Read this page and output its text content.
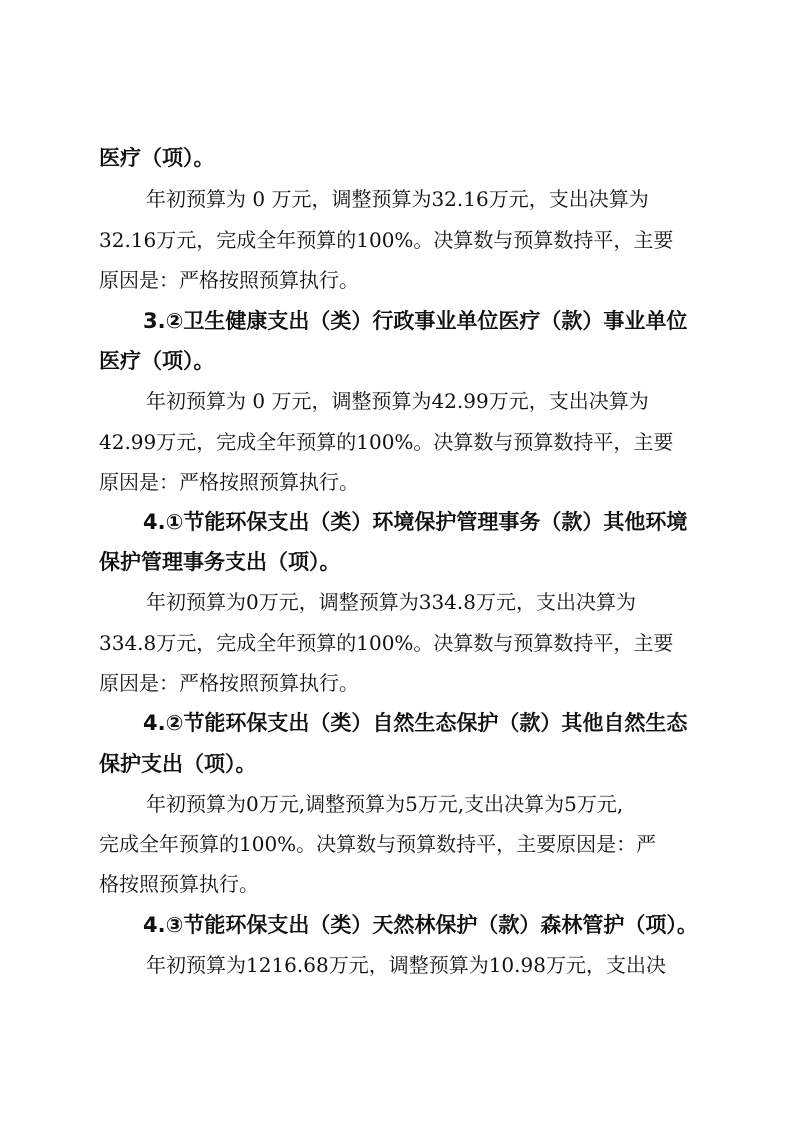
医疗（项）。
年初预算为 0 万元，调整预算为32.16万元，支出决算为
32.16万元，完成全年预算的100%。决算数与预算数持平，主要
原因是：严格按照预算执行。
3.②卫生健康支出（类）行政事业单位医疗（款）事业单位
医疗（项）。
年初预算为 0 万元，调整预算为42.99万元，支出决算为
42.99万元，完成全年预算的100%。决算数与预算数持平，主要
原因是：严格按照预算执行。
4.①节能环保支出（类）环境保护管理事务（款）其他环境
保护管理事务支出（项）。
年初预算为0万元，调整预算为334.8万元，支出决算为
334.8万元，完成全年预算的100%。决算数与预算数持平，主要
原因是：严格按照预算执行。
4.②节能环保支出（类）自然生态保护（款）其他自然生态
保护支出（项）。
年初预算为0万元,调整预算为5万元,支出决算为5万元,
完成全年预算的100%。决算数与预算数持平，主要原因是：严
格按照预算执行。
4.③节能环保支出（类）天然林保护（款）森林管护（项）。
年初预算为1216.68万元，调整预算为10.98万元，支出决
